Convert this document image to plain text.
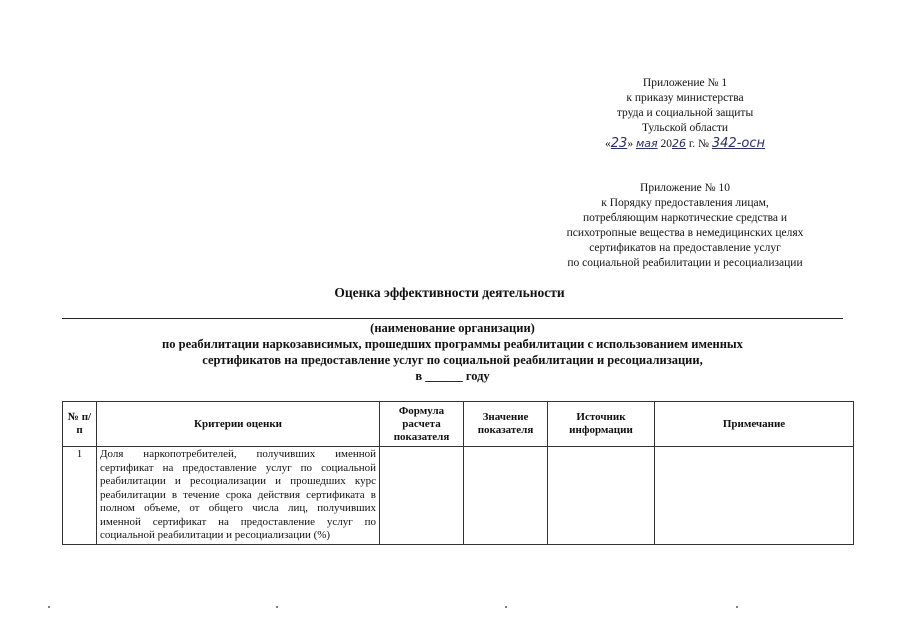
Приложение № 1
к приказу министерства
труда и социальной защиты
Тульской области
«23» мая 2026 г. № 342-осн
Приложение № 10
к Порядку предоставления лицам,
потребляющим наркотические средства и
психотропные вещества в немедицинских целях
сертификатов на предоставление услуг
по социальной реабилитации и ресоциализации
Оценка эффективности деятельности
(наименование организации)
по реабилитации наркозависимых, прошедших программы реабилитации с использованием именных
сертификатов на предоставление услуг по социальной реабилитации и ресоциализации,
в ______ году
№ п/п	Критерии оценки	Формула расчета показателя	Значение показателя	Источник информации	Примечание
1	Доля наркопотребителей, получивших именной сертификат на предоставление услуг по социальной реабилитации и ресоциализации и прошедших курс реабилитации в течение срока действия сертификата в полном объеме, от общего числа лиц, получивших именной сертификат на предоставление услуг по социальной реабилитации и ресоциализации (%)				
